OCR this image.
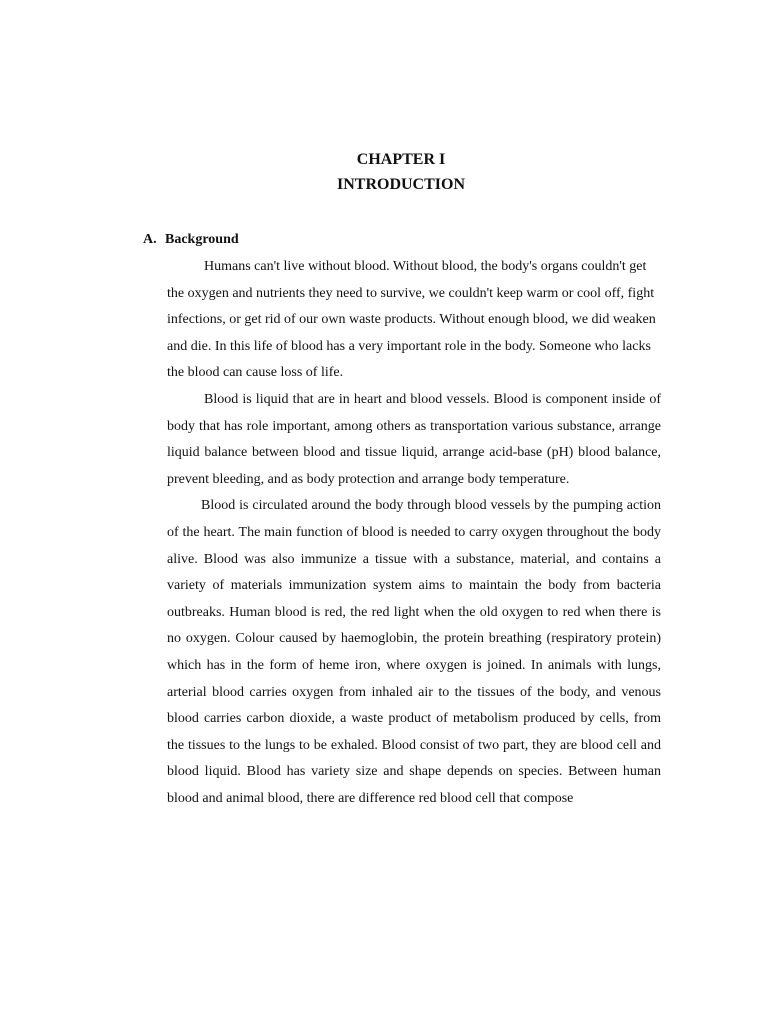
CHAPTER I
INTRODUCTION
A. Background

Humans can't live without blood. Without blood, the body's organs couldn't get the oxygen and nutrients they need to survive, we couldn't keep warm or cool off, fight infections, or get rid of our own waste products. Without enough blood, we did weaken and die. In this life of blood has a very important role in the body. Someone who lacks the blood can cause loss of life.

Blood is liquid that are in heart and blood vessels. Blood is component inside of body that has role important, among others as transportation various substance, arrange liquid balance between blood and tissue liquid, arrange acid-base (pH) blood balance, prevent bleeding, and as body protection and arrange body temperature.

Blood is circulated around the body through blood vessels by the pumping action of the heart. The main function of blood is needed to carry oxygen throughout the body alive. Blood was also immunize a tissue with a substance, material, and contains a variety of materials immunization system aims to maintain the body from bacteria outbreaks. Human blood is red, the red light when the old oxygen to red when there is no oxygen. Colour caused by haemoglobin, the protein breathing (respiratory protein) which has in the form of heme iron, where oxygen is joined. In animals with lungs, arterial blood carries oxygen from inhaled air to the tissues of the body, and venous blood carries carbon dioxide, a waste product of metabolism produced by cells, from the tissues to the lungs to be exhaled. Blood consist of two part, they are blood cell and blood liquid. Blood has variety size and shape depends on species. Between human blood and animal blood, there are difference red blood cell that compose
